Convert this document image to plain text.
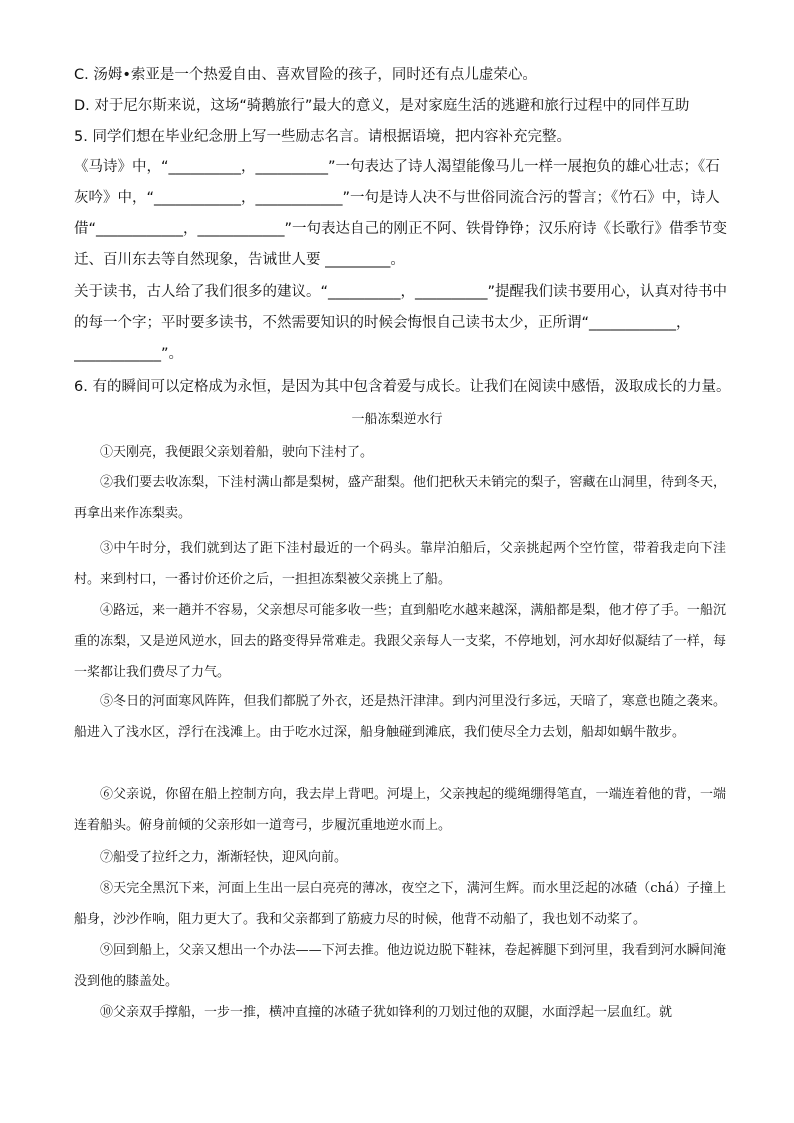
C. 汤姆•索亚是一个热爱自由、喜欢冒险的孩子，同时还有点儿虚荣心。
D. 对于尼尔斯来说，这场“骑鹅旅行”最大的意义，是对家庭生活的逃避和旅行过程中的同伴互助
5. 同学们想在毕业纪念册上写一些励志名言。请根据语境，把内容补充完整。
《马诗》中，“__________，__________”一句表达了诗人渴望能像马儿一样一展抱负的雄心壮志；《石
灰吟》中，“____________，____________”一句是诗人决不与世俗同流合污的誓言；《竹石》中，诗人
借“____________，____________”一句表达自己的刚正不阿、铁骨铮铮；汉乐府诗《长歌行》借季节变
迁、百川东去等自然现象，告诫世人要 _________。
关于读书，古人给了我们很多的建议。“__________，__________”提醒我们读书要用心，认真对待书中
的每一个字；平时要多读书，不然需要知识的时候会悔恨自己读书太少，正所谓“____________，
____________”。
6. 有的瞬间可以定格成为永恒，是因为其中包含着爱与成长。让我们在阅读中感悟，汲取成长的力量。
一船冻梨逆水行

①天刚亮，我便跟父亲划着船，驶向下洼村了。

②我们要去收冻梨，下洼村满山都是梨树，盛产甜梨。他们把秋天未销完的梨子，窖藏在山洞里，待到冬天，再拿出来作冻梨卖。

③中午时分，我们就到达了距下洼村最近的一个码头。靠岸泊船后，父亲挑起两个空竹筐，带着我走向下洼村。来到村口，一番讨价还价之后，一担担冻梨被父亲挑上了船。

④路远，来一趟并不容易，父亲想尽可能多收一些；直到船吃水越来越深，满船都是梨，他才停了手。一船沉重的冻梨，又是逆风逆水，回去的路变得异常难走。我跟父亲每人一支桨，不停地划，河水却好似凝结了一样，每一桨都让我们费尽了力气。

⑤冬日的河面寒风阵阵，但我们都脱了外衣，还是热汗津津。到内河里没行多远，天暗了，寒意也随之袭来。船进入了浅水区，浮行在浅滩上。由于吃水过深，船身触碰到滩底，我们使尽全力去划，船却如蜗牛散步。

⑥父亲说，你留在船上控制方向，我去岸上背吧。河堤上，父亲拽起的缆绳绷得笔直，一端连着他的背，一端连着船头。俯身前倾的父亲形如一道弯弓，步履沉重地逆水而上。

⑦船受了拉纤之力，渐渐轻快，迎风向前。

⑧天完全黑沉下来，河面上生出一层白亮亮的薄冰，夜空之下，满河生辉。而水里泛起的冰碴（chá）子撞上船身，沙沙作响，阻力更大了。我和父亲都到了筋疲力尽的时候，他背不动船了，我也划不动桨了。

⑨回到船上，父亲又想出一个办法——下河去推。他边说边脱下鞋袜，卷起裤腿下到河里，我看到河水瞬间淹没到他的膝盖处。

⑩父亲双手撑船，一步一推，横冲直撞的冰碴子犹如锋利的刀划过他的双腿，水面浮起一层血红。就
